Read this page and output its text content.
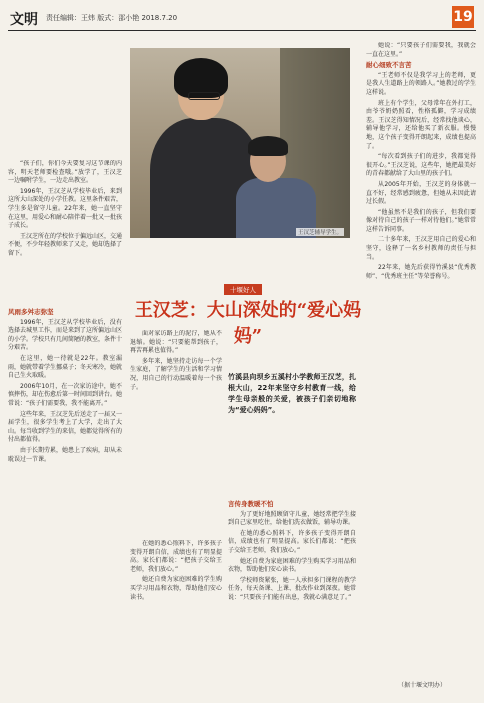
文明 责任编辑：王炜 版式：邵小艳 2018.7.20	19

“孩子们，你们今天要复习这节课的内容，明天老师要检查哦。”放学了，王汉芝一边嘱咐学生，一边走出教室。

1996年，王汉芝从学校毕业后，来到这所大山深处的小学任教。这里条件艰苦，学生多是留守儿童。22年来，她一直坚守在这里，用爱心和耐心陪伴着一批又一批孩子成长。

王汉芝所在的学校位于偏远山区，交通不便，不少年轻教师来了又走，她却选择了留下。

风雨多舛志弥坚

1996年，王汉芝从学校毕业后，没有选择去城里工作，而是来到了这所偏远山区的小学。学校只有几间简陋的教室，条件十分艰苦。

在这里，她一待就是22年。教室漏雨，她就带着学生挪桌子；冬天寒冷，她就自己生火取暖。

2006年10月，在一次家访途中，她不慎摔伤，却在伤愈后第一时间回到讲台。她常说：“孩子们需要我，我不能离开。”

这些年来，王汉芝先后送走了一届又一届学生，很多学生考上了大学，走出了大山。每当收到学生的来信，她都觉得所有的付出都值得。

由于长期劳累，她患上了疾病，却从未耽误过一节课。

王汉芝辅导学生。
十堰好人
王汉芝：大山深处的“爱心妈妈”

面对家访路上的泥泞，她从不退缩。她说：“只要能帮到孩子，再苦再累也值得。”

多年来，她坚持走访每一个学生家庭，了解学生的生活和学习情况，用自己的行动温暖着每一个孩子。

竹溪县向坝乡五溪村小学教师王汉芝，扎根大山，22年来坚守乡村教育一线，给学生母亲般的关爱，被孩子们亲切地称为“爱心妈妈”。

言传身教暖不怕

为了更好地照顾留守儿童，她经常把学生接到自己家里吃住，给他们洗衣做饭，辅导功课。

在她的悉心照料下，许多孩子变得开朗自信，成绩也有了明显提高。家长们都说：“把孩子交给王老师，我们放心。”

她还自费为家庭困难的学生购买学习用品和衣物，帮助他们安心读书。

学校师资紧张，她一人承担多门课程的教学任务，每天备课、上课、批改作业到深夜。她常说：“只要孩子们能有出息，我就心满意足了。”

在她的悉心照料下，许多孩子变得开朗自信，成绩也有了明显提高。家长们都说：“把孩子交给王老师，我们放心。”

她还自费为家庭困难的学生购买学习用品和衣物，帮助他们安心读书。

她说：“只要孩子们需要我，我就会一直在这里。”

耐心细致不言苦

“王老师不仅是我学习上的老师，更是我人生道路上的领路人。”她教过的学生这样说。

班上有个学生，父母常年在外打工，由爷爷奶奶照看，性格孤僻，学习成绩差。王汉芝得知情况后，经常找他谈心，辅导他学习，还给他买了新衣服。慢慢地，这个孩子变得开朗起来，成绩也提高了。

“每次看到孩子们的进步，我都觉得很开心。”王汉芝说，这些年，她把最美好的青春都献给了大山里的孩子们。

从2005年开始，王汉芝的身体就一直不好，经常感到疲惫，但她从未因此请过长假。

“他虽然不是我们的孩子，但我们要像对待自己的孩子一样对待他们。”她常常这样告诉同事。

二十多年来，王汉芝用自己的爱心和坚守，诠释了一名乡村教师的责任与担当。

22年来，她先后获得竹溪县“优秀教师”、“优秀班主任”等荣誉称号。

（据十堰文明办）
